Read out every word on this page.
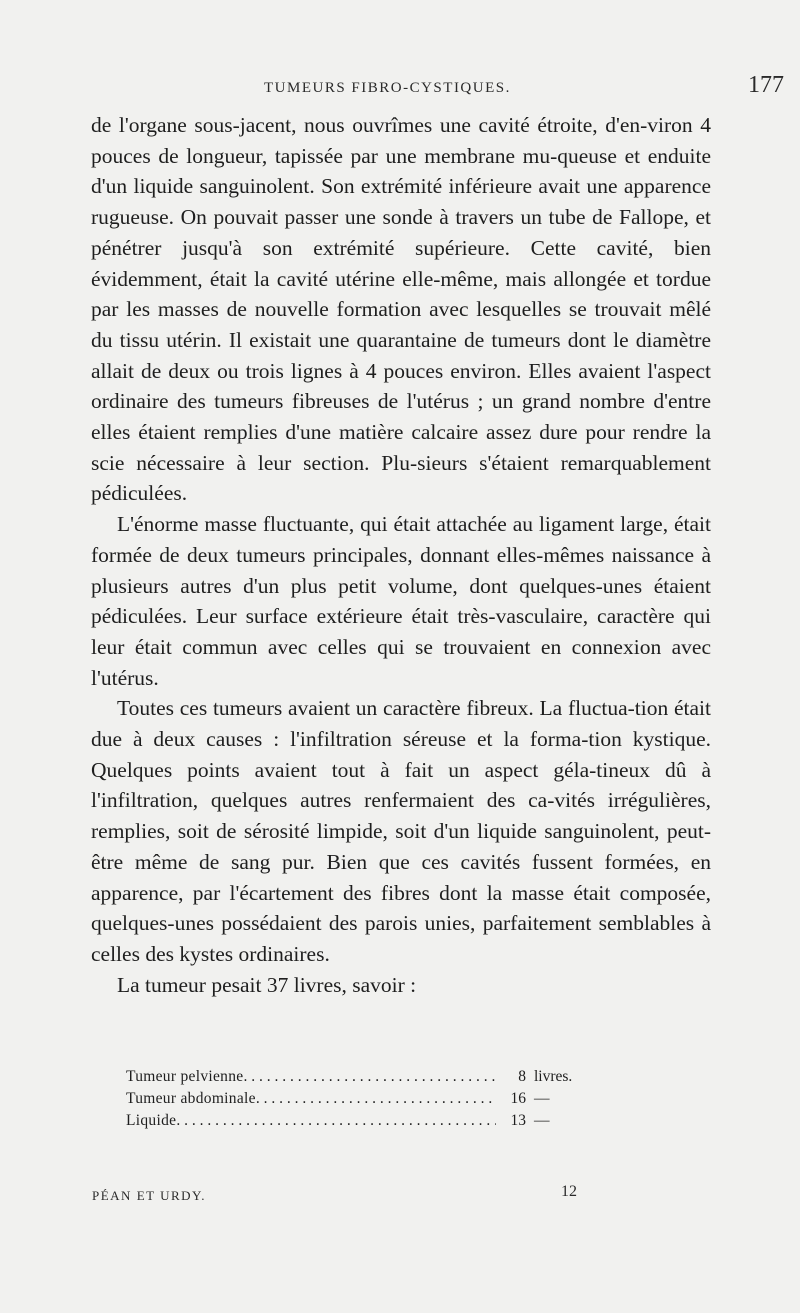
TUMEURS FIBRO-CYSTIQUES.	177

de l'organe sous-jacent, nous ouvrîmes une cavité étroite, d'en-viron 4 pouces de longueur, tapissée par une membrane mu-queuse et enduite d'un liquide sanguinolent. Son extrémité inférieure avait une apparence rugueuse. On pouvait passer une sonde à travers un tube de Fallope, et pénétrer jusqu'à son extrémité supérieure. Cette cavité, bien évidemment, était la cavité utérine elle-même, mais allongée et tordue par les masses de nouvelle formation avec lesquelles se trouvait mêlé du tissu utérin. Il existait une quarantaine de tumeurs dont le diamètre allait de deux ou trois lignes à 4 pouces environ. Elles avaient l'aspect ordinaire des tumeurs fibreuses de l'utérus ; un grand nombre d'entre elles étaient remplies d'une matière calcaire assez dure pour rendre la scie nécessaire à leur section. Plu-sieurs s'étaient remarquablement pédiculées.

L'énorme masse fluctuante, qui était attachée au ligament large, était formée de deux tumeurs principales, donnant elles-mêmes naissance à plusieurs autres d'un plus petit volume, dont quelques-unes étaient pédiculées. Leur surface extérieure était très-vasculaire, caractère qui leur était commun avec celles qui se trouvaient en connexion avec l'utérus.

Toutes ces tumeurs avaient un caractère fibreux. La fluctua-tion était due à deux causes : l'infiltration séreuse et la forma-tion kystique. Quelques points avaient tout à fait un aspect géla-tineux dû à l'infiltration, quelques autres renfermaient des ca-vités irrégulières, remplies, soit de sérosité limpide, soit d'un liquide sanguinolent, peut-être même de sang pur. Bien que ces cavités fussent formées, en apparence, par l'écartement des fibres dont la masse était composée, quelques-unes possédaient des parois unies, parfaitement semblables à celles des kystes ordinaires.

La tumeur pesait 37 livres, savoir :

Tumeur pelvienne . . .	8 livres.
Tumeur abdominale . . .	16 —
Liquide . . .	13 —
PÉAN ET URDY.	12
